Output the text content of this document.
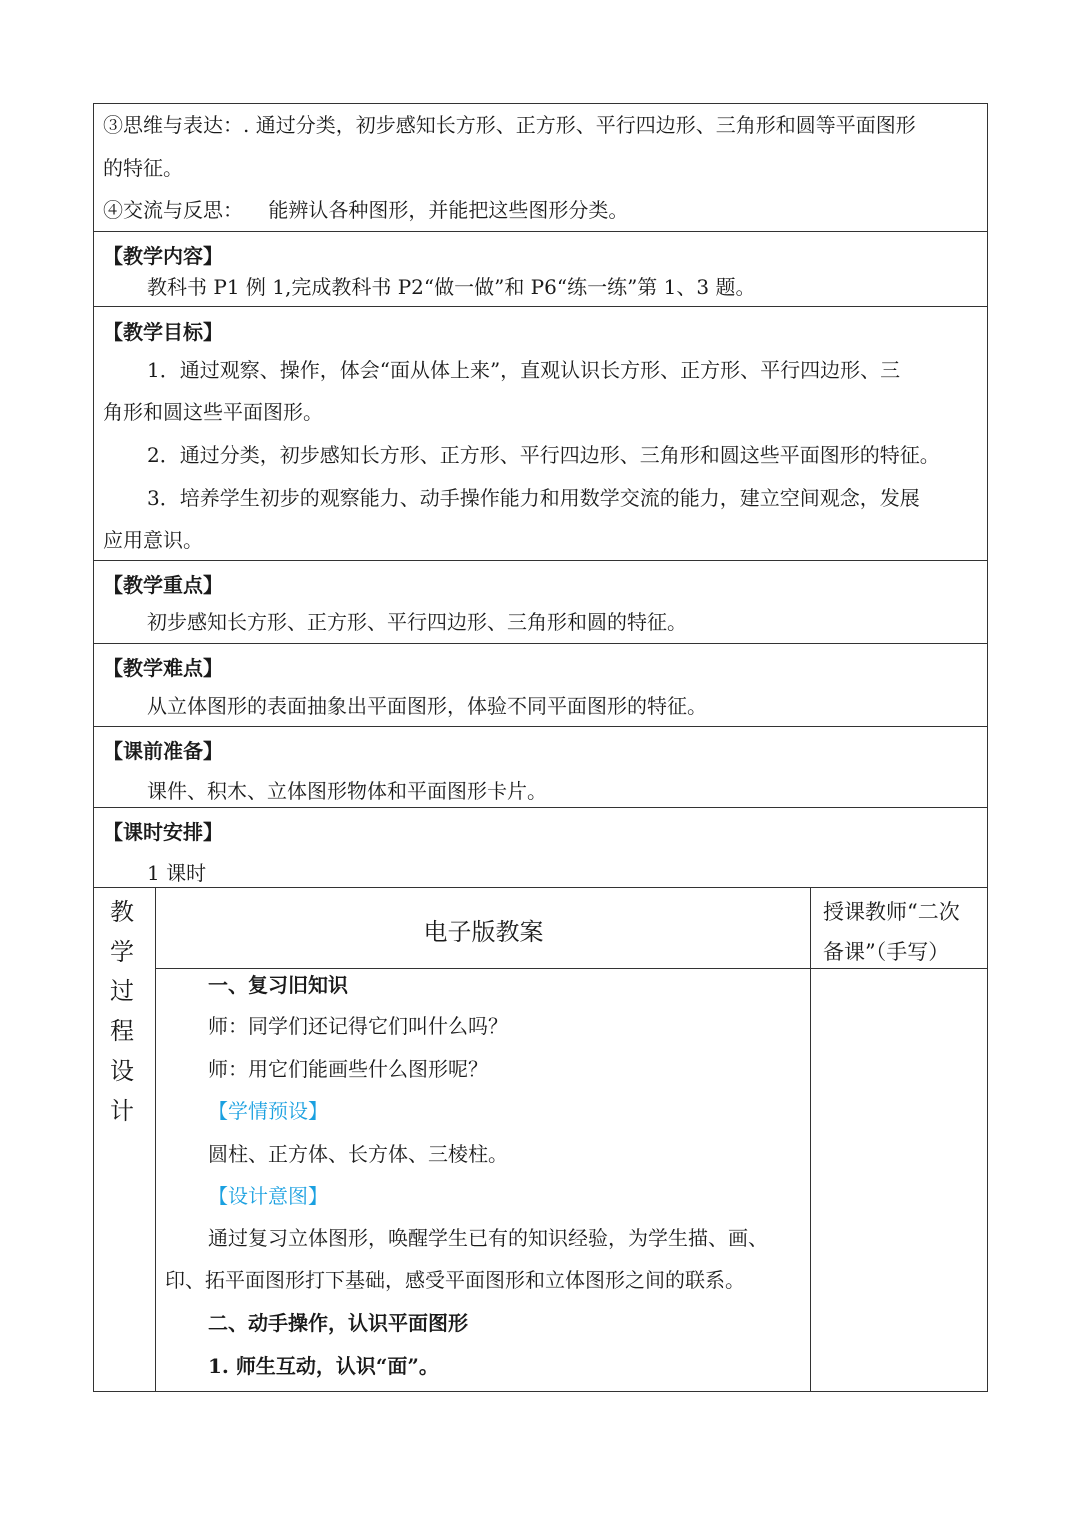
③思维与表达：. 通过分类，初步感知长方形、正方形、平行四边形、三角形和圆等平面图形
的特征。
④交流与反思：    能辨认各种图形，并能把这些图形分类。
【教学内容】
教科书 P1 例 1,完成教科书 P2“做一做”和 P6“练一练”第 1、3 题。
【教学目标】
1．通过观察、操作，体会“面从体上来”，直观认识长方形、正方形、平行四边形、三
角形和圆这些平面图形。
2．通过分类，初步感知长方形、正方形、平行四边形、三角形和圆这些平面图形的特征。
3．培养学生初步的观察能力、动手操作能力和用数学交流的能力，建立空间观念，发展
应用意识。
【教学重点】
初步感知长方形、正方形、平行四边形、三角形和圆的特征。
【教学难点】
从立体图形的表面抽象出平面图形，体验不同平面图形的特征。
【课前准备】
课件、积木、立体图形物体和平面图形卡片。
【课时安排】
1 课时
教
学
过
程
设
计
电子版教案
授课教师“二次
备课”（手写）
一、复习旧知识
师：同学们还记得它们叫什么吗？
师：用它们能画些什么图形呢？
【学情预设】
圆柱、正方体、长方体、三棱柱。
【设计意图】
通过复习立体图形，唤醒学生已有的知识经验，为学生描、画、
印、拓平面图形打下基础，感受平面图形和立体图形之间的联系。
二、动手操作，认识平面图形
1. 师生互动，认识“面”。
